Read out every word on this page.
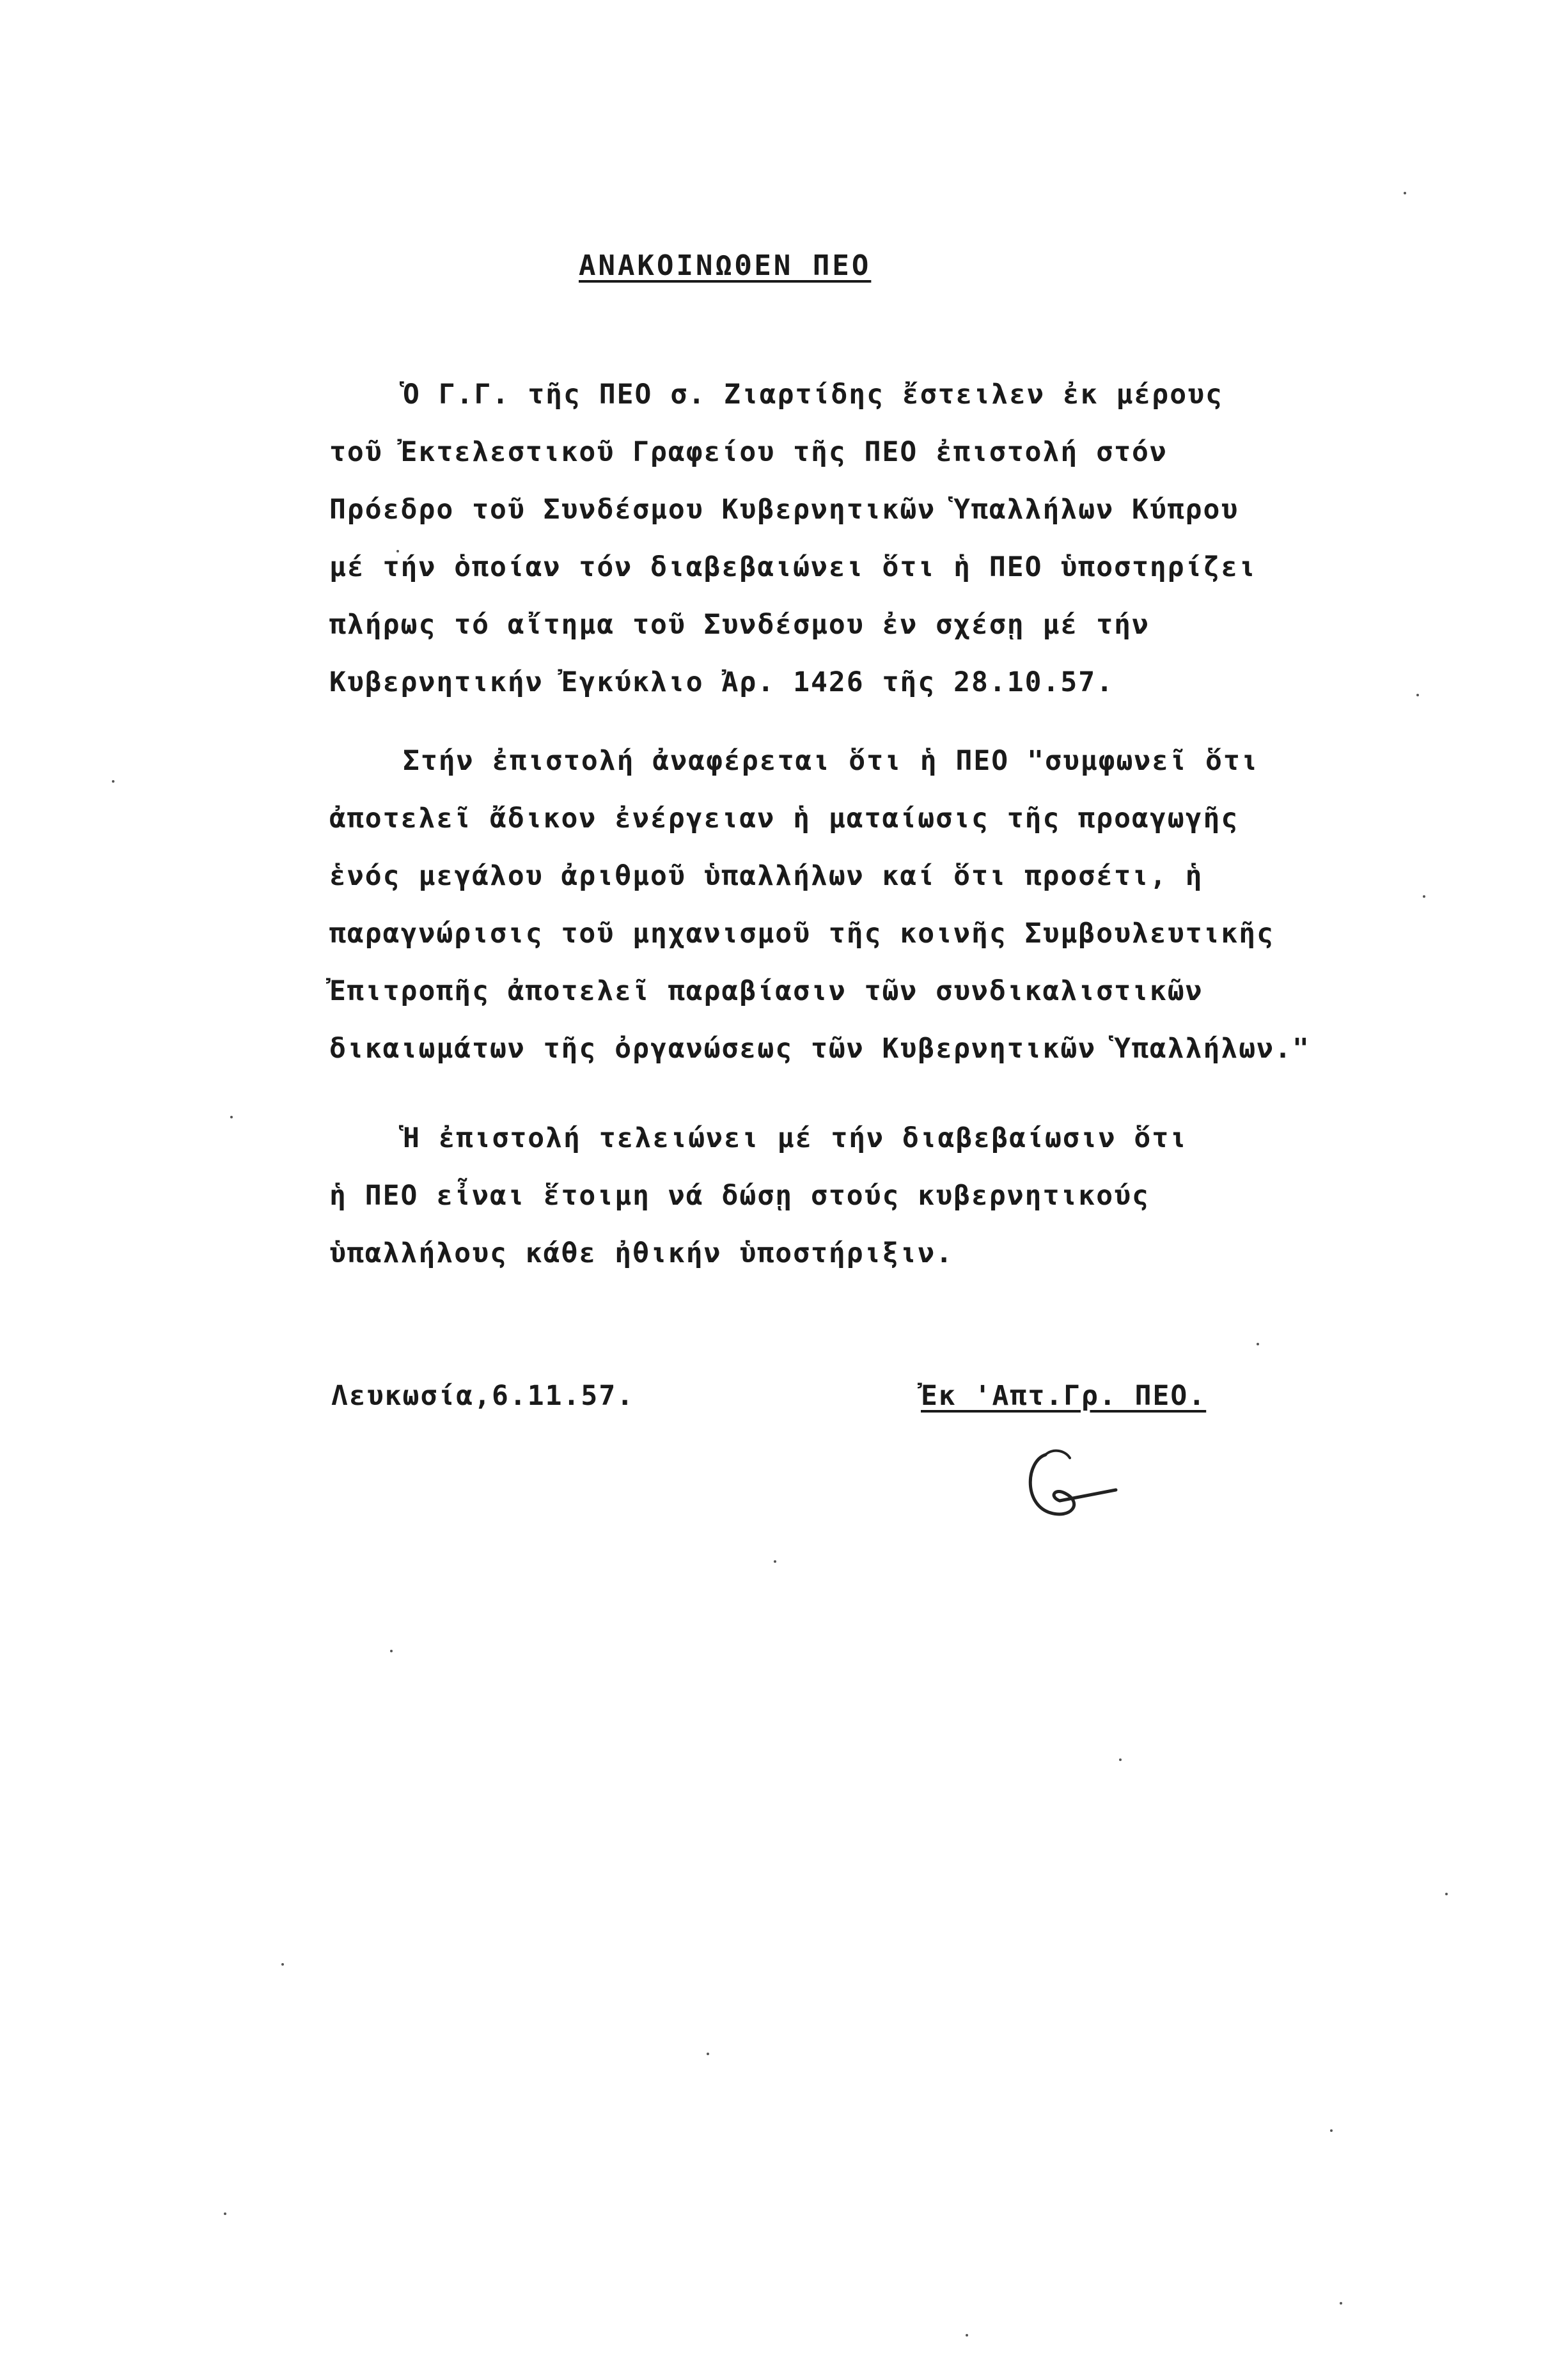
ΑΝΑΚΟΙΝΩΘΕΝ ΠΕΟ
Ὁ Γ.Γ. τῆς ΠΕΟ σ. Ζιαρτίδης ἔστειλεν ἐκ μέρους
τοῦ Ἐκτελεστικοῦ Γραφείου τῆς ΠΕΟ ἐπιστολή στόν
Πρόεδρο τοῦ Συνδέσμου Κυβερνητικῶν Ὑπαλλήλων Κύπρου
μέ τήν ὁποίαν τόν διαβεβαιώνει ὅτι ἡ ΠΕΟ ὑποστηρίζει
πλήρως τό αἴτημα τοῦ Συνδέσμου ἐν σχέσῃ μέ τήν
Κυβερνητικήν Ἐγκύκλιο Ἀρ. 1426 τῆς 28.10.57.
Στήν ἐπιστολή ἀναφέρεται ὅτι ἡ ΠΕΟ "συμφωνεῖ ὅτι
ἀποτελεῖ ἄδικον ἐνέργειαν ἡ ματαίωσις τῆς προαγωγῆς
ἑνός μεγάλου ἀριθμοῦ ὑπαλλήλων καί ὅτι προσέτι, ἡ
παραγνώρισις τοῦ μηχανισμοῦ τῆς κοινῆς Συμβουλευτικῆς
Ἐπιτροπῆς ἀποτελεῖ παραβίασιν τῶν συνδικαλιστικῶν
δικαιωμάτων τῆς ὀργανώσεως τῶν Κυβερνητικῶν Ὑπαλλήλων."
Ἡ ἐπιστολή τελειώνει μέ τήν διαβεβαίωσιν ὅτι
ἡ ΠΕΟ εἶναι ἕτοιμη νά δώσῃ στούς κυβερνητικούς
ὑπαλλήλους κάθε ἠθικήν ὑποστήριξιν.
Λευκωσία,6.11.57.	Ἐκ 'Απτ.Γρ. ΠΕΟ.
